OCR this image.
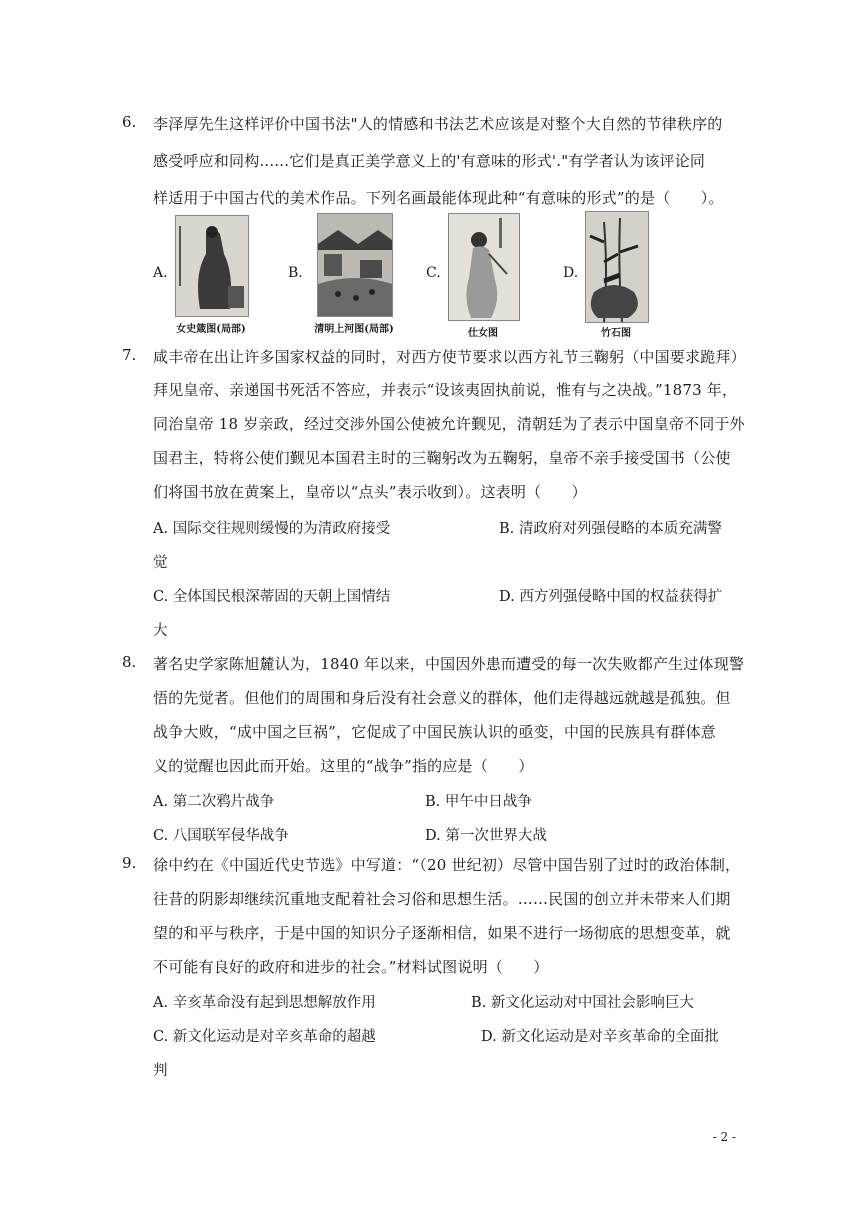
6.	李泽厚先生这样评价中国书法"人的情感和书法艺术应该是对整个大自然的节律秩序的
感受呼应和同构......它们是真正美学意义上的'有意味的形式'."有学者认为该评论同
样适用于中国古代的美术作品。下列名画最能体现此种“有意味的形式”的是（　　）。
A.
女史箴图(局部)
B.
清明上河图(局部)
C.
仕女图
D.
竹石图
7.	咸丰帝在出让许多国家权益的同时，对西方使节要求以西方礼节三鞠躬（中国要求跪拜）
拜见皇帝、亲递国书死活不答应，并表示“设该夷固执前说，惟有与之决战。”1873 年，
同治皇帝 18 岁亲政，经过交涉外国公使被允许觐见，清朝廷为了表示中国皇帝不同于外
国君主，特将公使们觐见本国君主时的三鞠躬改为五鞠躬，皇帝不亲手接受国书（公使
们将国书放在黄案上，皇帝以“点头”表示收到）。这表明（　　）
A. 国际交往规则缓慢的为清政府接受	B. 清政府对列强侵略的本质充满警
觉
C. 全体国民根深蒂固的天朝上国情结	D. 西方列强侵略中国的权益获得扩
大
8.	著名史学家陈旭麓认为，1840 年以来，中国因外患而遭受的每一次失败都产生过体现警
悟的先觉者。但他们的周围和身后没有社会意义的群体，他们走得越远就越是孤独。但
战争大败，“成中国之巨祸”，它促成了中国民族认识的亟变，中国的民族具有群体意
义的觉醒也因此而开始。这里的“战争”指的应是（　　）
A. 第二次鸦片战争	B. 甲午中日战争
C. 八国联军侵华战争	D. 第一次世界大战
9.	徐中约在《中国近代史节选》中写道：“（20 世纪初）尽管中国告别了过时的政治体制，
往昔的阴影却继续沉重地支配着社会习俗和思想生活。……民国的创立并未带来人们期
望的和平与秩序，于是中国的知识分子逐渐相信，如果不进行一场彻底的思想变革，就
不可能有良好的政府和进步的社会。”材料试图说明（　　）
A. 辛亥革命没有起到思想解放作用	B. 新文化运动对中国社会影响巨大
C. 新文化运动是对辛亥革命的超越	D. 新文化运动是对辛亥革命的全面批
判
- 2 -
